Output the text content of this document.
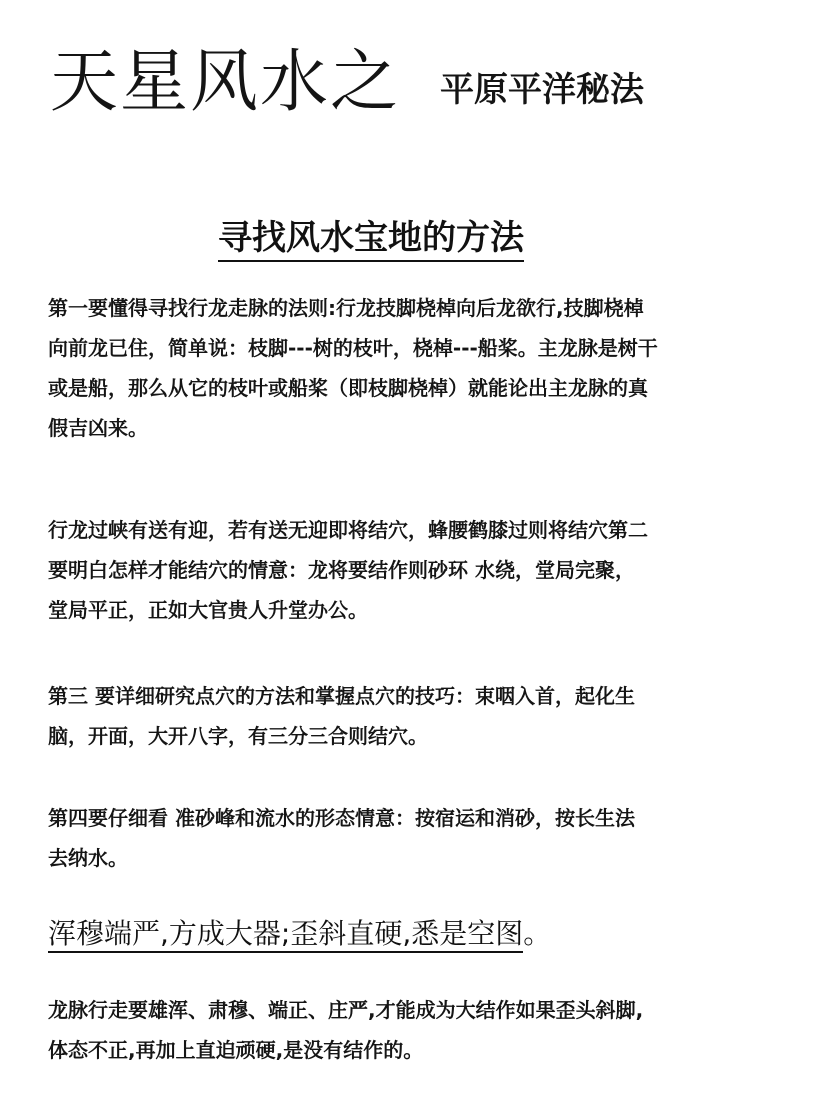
天星风水之 平原平洋秘法
寻找风水宝地的方法
第一要懂得寻找行龙走脉的法则:行龙技脚桡棹向后龙欲行,技脚桡棹
向前龙已住，简单说：枝脚---树的枝叶，桡棹---船桨。主龙脉是树干
或是船，那么从它的枝叶或船桨（即枝脚桡棹）就能论出主龙脉的真
假吉凶来。
行龙过峡有送有迎，若有送无迎即将结穴，蜂腰鹤膝过则将结穴第二
要明白怎样才能结穴的情意：龙将要结作则砂环 水绕，堂局完聚，
堂局平正，正如大官贵人升堂办公。
第三 要详细研究点穴的方法和掌握点穴的技巧：束咽入首，起化生
脑，开面，大开八字，有三分三合则结穴。
第四要仔细看 准砂峰和流水的形态情意：按宿运和消砂，按长生法
去纳水。
浑穆端严,方成大器;歪斜直硬,悉是空图。
龙脉行走要雄浑、肃穆、端正、庄严,才能成为大结作如果歪头斜脚,
体态不正,再加上直迫顽硬,是没有结作的。
